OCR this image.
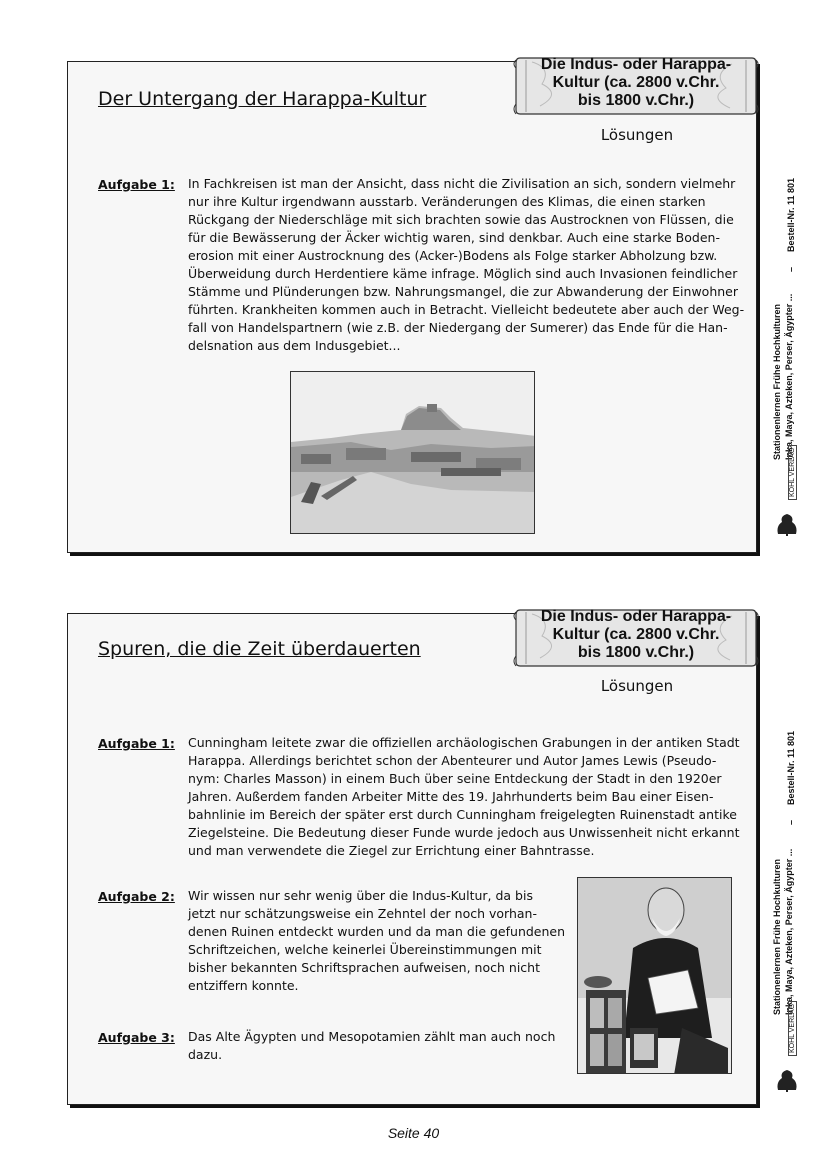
Der Untergang der Harappa-Kultur
Die Indus- oder Harappa-
Kultur (ca. 2800 v.Chr.
bis 1800 v.Chr.)
Lösungen
Aufgabe 1: In Fachkreisen ist man der Ansicht, dass nicht die Zivilisation an sich, sondern vielmehr
nur ihre Kultur irgendwann ausstarb. Veränderungen des Klimas, die einen starken
Rückgang der Niederschläge mit sich brachten sowie das Austrocknen von Flüssen, die
für die Bewässerung der Äcker wichtig waren, sind denkbar. Auch eine starke Boden-
erosion mit einer Austrocknung des (Acker-)Bodens als Folge starker Abholzung bzw.
Überweidung durch Herdentiere käme infrage. Möglich sind auch Invasionen feindlicher
Stämme und Plünderungen bzw. Nahrungsmangel, die zur Abwanderung der Einwohner
führten. Krankheiten kommen auch in Betracht. Vielleicht bedeutete aber auch der Weg-
fall von Handelspartnern (wie z.B. der Niedergang der Sumerer) das Ende für die Han-
delsnation aus dem Indusgebiet...
Spuren, die die Zeit überdauerten
Die Indus- oder Harappa-
Kultur (ca. 2800 v.Chr.
bis 1800 v.Chr.)
Lösungen
Aufgabe 1: Cunningham leitete zwar die offiziellen archäologischen Grabungen in der antiken Stadt
Harappa. Allerdings berichtet schon der Abenteurer und Autor James Lewis (Pseudo-
nym: Charles Masson) in einem Buch über seine Entdeckung der Stadt in den 1920er
Jahren. Außerdem fanden Arbeiter Mitte des 19. Jahrhunderts beim Bau einer Eisen-
bahnlinie im Bereich der später erst durch Cunningham freigelegten Ruinenstadt antike
Ziegelsteine. Die Bedeutung dieser Funde wurde jedoch aus Unwissenheit nicht erkannt
und man verwendete die Ziegel zur Errichtung einer Bahntrasse.
Aufgabe 2: Wir wissen nur sehr wenig über die Indus-Kultur, da bis
jetzt nur schätzungsweise ein Zehntel der noch vorhan-
denen Ruinen entdeckt wurden und da man die gefundenen
Schriftzeichen, welche keinerlei Übereinstimmungen mit
bisher bekannten Schriftsprachen aufweisen, noch nicht
entziffern konnte.
Aufgabe 3: Das Alte Ägypten und Mesopotamien zählt man auch noch
dazu.
Stationenlernen Frühe Hochkulturen Inka, Maya, Azteken, Perser, Ägypter ...
–
Bestell-Nr. 11 801
KOHL VERLAG
Stationenlernen Frühe Hochkulturen Inka, Maya, Azteken, Perser, Ägypter ...
–
Bestell-Nr. 11 801
KOHL VERLAG
Seite 40
